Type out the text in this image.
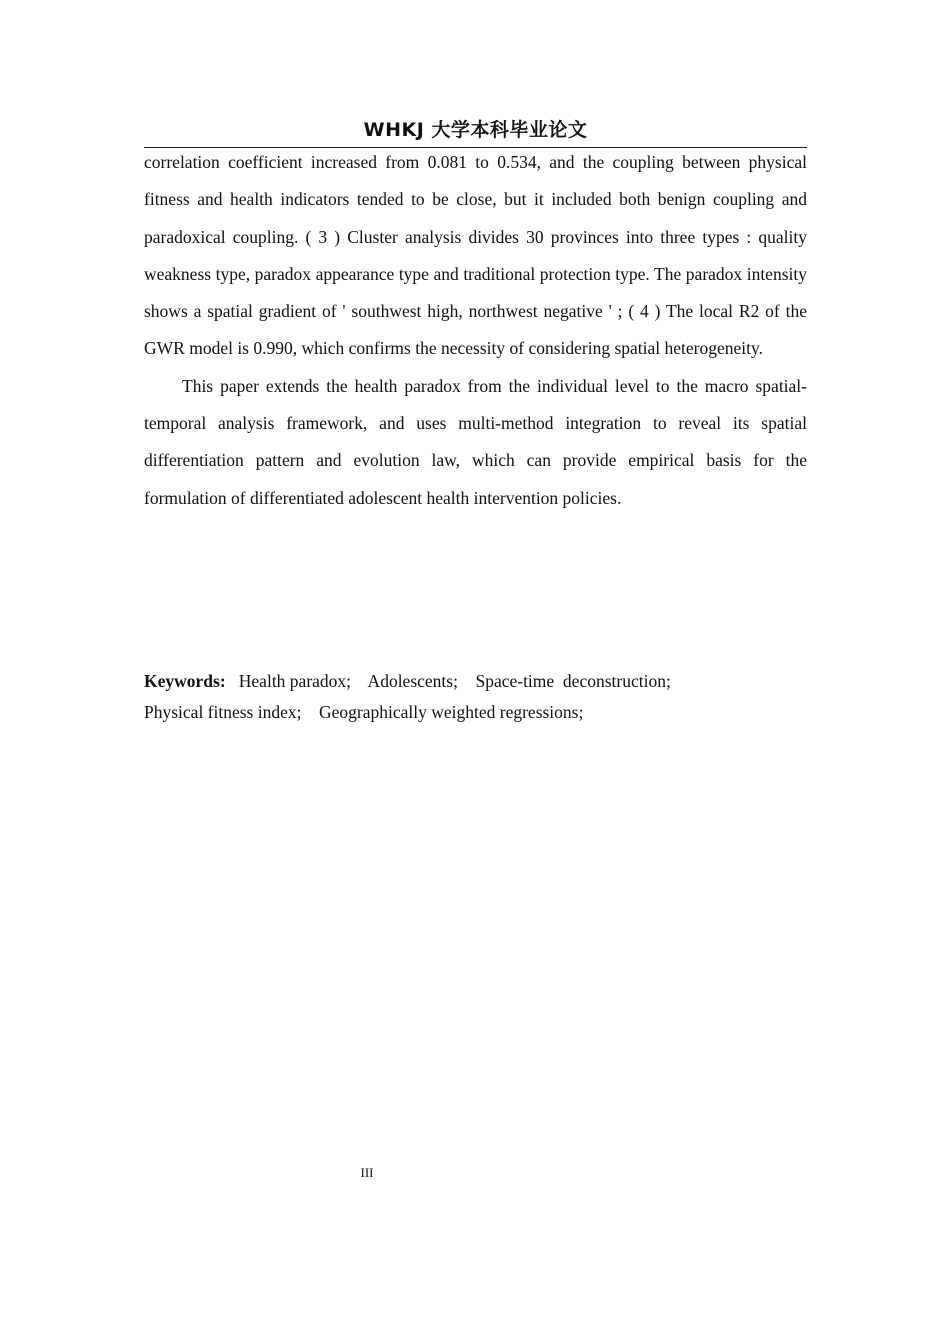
WHKJ 大学本科毕业论文

correlation coefficient increased from 0.081 to 0.534, and the coupling between physical fitness and health indicators tended to be close, but it included both benign coupling and paradoxical coupling. ( 3 ) Cluster analysis divides 30 provinces into three types : quality weakness type, paradox appearance type and traditional protection type. The paradox intensity shows a spatial gradient of ' southwest high, northwest negative ' ; ( 4 ) The local R2 of the GWR model is 0.990, which confirms the necessity of considering spatial heterogeneity.

This paper extends the health paradox from the individual level to the macro spatial-temporal analysis framework, and uses multi-method integration to reveal its spatial differentiation pattern and evolution law, which can provide empirical basis for the formulation of differentiated adolescent health intervention policies.

Keywords: Health paradox;    Adolescents;    Space-time  deconstruction;
Physical fitness index;    Geographically weighted regressions;
III
